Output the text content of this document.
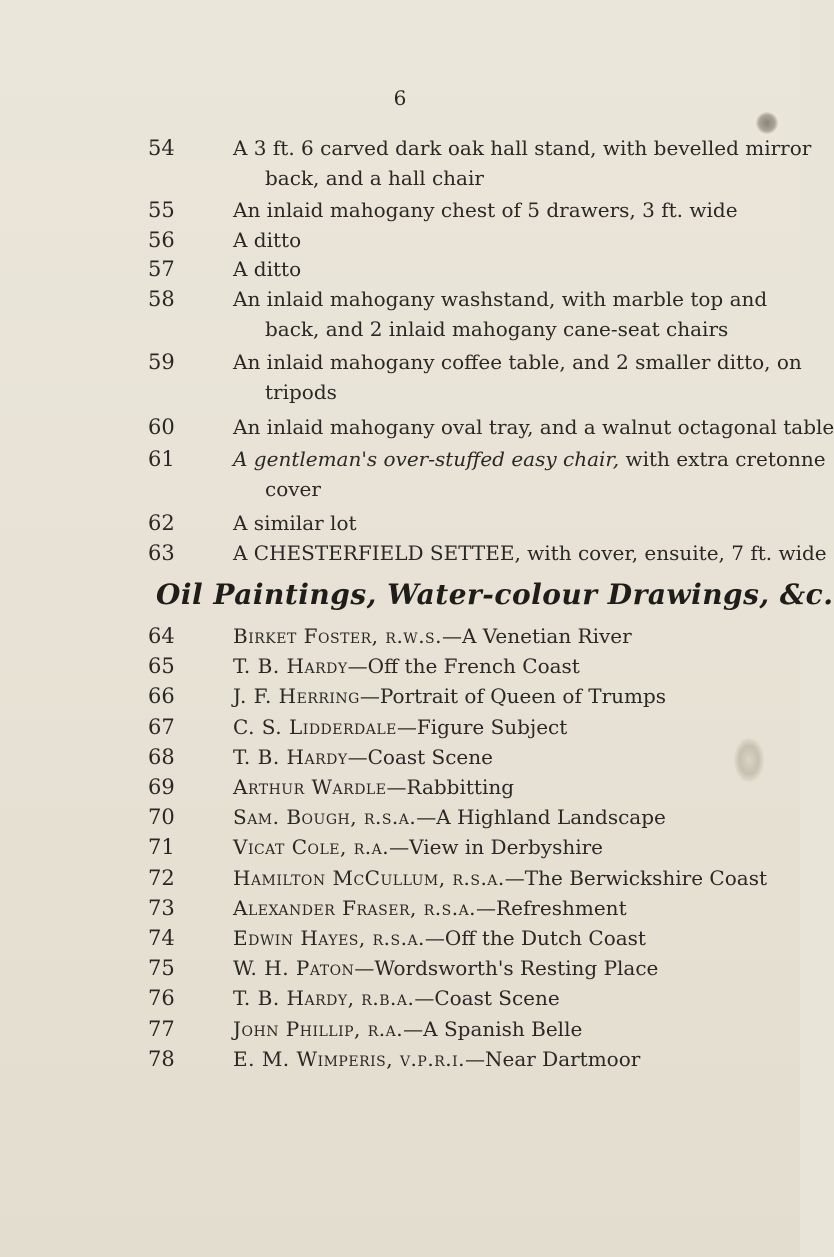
6
54	A 3 ft. 6 carved dark oak hall stand, with bevelled mirror
back, and a hall chair
55	An inlaid mahogany chest of 5 drawers, 3 ft. wide
56	A ditto
57	A ditto
58	An inlaid mahogany washstand, with marble top and
back, and 2 inlaid mahogany cane-seat chairs
59	An inlaid mahogany coffee table, and 2 smaller ditto, on
tripods
60	An inlaid mahogany oval tray, and a walnut octagonal table
61	A gentleman's over-stuffed easy chair, with extra cretonne
cover
62	A similar lot
63	A CHESTERFIELD SETTEE, with cover, ensuite, 7 ft. wide
Oil Paintings, Water-colour Drawings, &c.
64	Birket Foster, r.w.s.—A Venetian River
65	T. B. Hardy—Off the French Coast
66	J. F. Herring—Portrait of Queen of Trumps
67	C. S. Lidderdale—Figure Subject
68	T. B. Hardy—Coast Scene
69	Arthur Wardle—Rabbitting
70	Sam. Bough, r.s.a.—A Highland Landscape
71	Vicat Cole, r.a.—View in Derbyshire
72	Hamilton McCullum, r.s.a.—The Berwickshire Coast
73	Alexander Fraser, r.s.a.—Refreshment
74	Edwin Hayes, r.s.a.—Off the Dutch Coast
75	W. H. Paton—Wordsworth's Resting Place
76	T. B. Hardy, r.b.a.—Coast Scene
77	John Phillip, r.a.—A Spanish Belle
78	E. M. Wimperis, v.p.r.i.—Near Dartmoor
